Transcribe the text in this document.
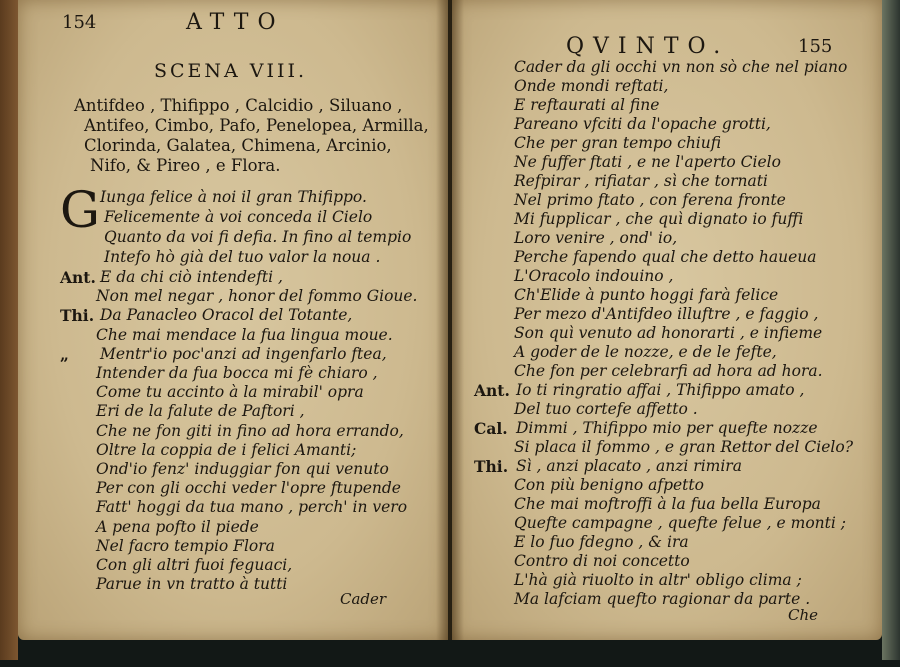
154	ATTO
SCENA VIII.
Antifdeo , Thifippo , Calcidio , Siluano ,
Antifeo, Cimbo, Pafo, Penelopea, Armilla,
Clorinda, Galatea, Chimena, Arcinio,
Nifo, & Pireo , e Flora.
G Iunga felice à noi il gran Thifippo.
Felicemente à voi conceda il Cielo
Quanto da voi fi defia. In fino al tempio
Intefo hò già del tuo valor la noua .
Ant. E da chi ciò intendefti ,
Non mel negar , honor del fommo Gioue.
Thi. Da Panacleo Oracol del Totante,
Che mai mendace la fua lingua moue.
„ Mentr'io poc'anzi ad ingenfarlo ftea,
Intender da fua bocca mi fè chiaro ,
Come tu accinto à la mirabil' opra
Eri de la falute de Paftori ,
Che ne fon giti in fino ad hora errando,
Oltre la coppia de i felici Amanti;
Ond'io fenz' induggiar fon qui venuto
Per con gli occhi veder l'opre ftupende
Fatt' hoggi da tua mano , perch' in vero
A pena pofto il piede
Nel facro tempio Flora
Con gli altri fuoi feguaci,
Parue in vn tratto à tutti
Cader
QVINTO.	155
Cader da gli occhi vn non sò che nel piano
Onde mondi reftati,
E reftaurati al fine
Pareano vfciti da l'opache grotti,
Che per gran tempo chiufi
Ne fuffer ftati , e ne l'aperto Cielo
Refpirar , rifiatar , sì che tornati
Nel primo ftato , con ferena fronte
Mi fupplicar , che quì dignato io fuffi
Loro venire , ond' io,
Perche fapendo qual che detto haueua
L'Oracolo indouino ,
Ch'Elide à punto hoggi farà felice
Per mezo d'Antifdeo illuftre , e faggio ,
Son quì venuto ad honorarti , e infieme
A goder de le nozze, e de le fefte,
Che fon per celebrarfi ad hora ad hora.
Ant. Io ti ringratio affai , Thifippo amato ,
Del tuo cortefe affetto .
Cal. Dimmi , Thifippo mio per quefte nozze
Si placa il fommo , e gran Rettor del Cielo?
Thi. Sì , anzi placato , anzi rimira
Con più benigno afpetto
Che mai moftroffi à la fua bella Europa
Quefte campagne , quefte felue , e monti ;
E lo fuo fdegno , & ira
Contro di noi concetto
L'hà già riuolto in altr' obligo clima ;
Ma lafciam quefto ragionar da parte .
Che
